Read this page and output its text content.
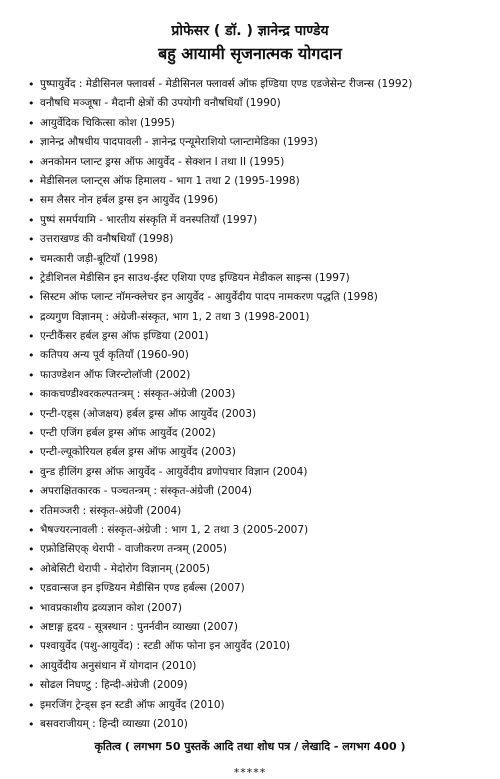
प्रोफेसर ( डॉ. ) ज्ञानेन्द्र पाण्डेय
बहु आयामी सृजनात्मक योगदान
• पुष्पायुर्वेद : मेडीसिनल फ्लावर्स - मेडीसिनल फ्लावर्स ऑफ इण्डिया एण्ड एडजेसेन्ट रीजन्स (1992)
• वनौषधि मञ्जूषा - मैदानी क्षेत्रों की उपयोगी वनौषधियाँ (1990)
• आयुर्वेदिक चिकित्सा कोश (1995)
• ज्ञानेन्द्र औषधीय पादपावली - ज्ञानेन्द्र एन्यूमेराशियो प्लान्टामेडिका (1993)
• अनकोमन प्लान्ट ड्रग्स ऑफ आयुर्वेद - सेक्शन I तथा II (1995)
• मेडीसिनल प्लान्ट्स ऑफ हिमालय - भाग 1 तथा 2 (1995-1998)
• सम लैसर नोन हर्बल ड्रग्स इन आयुर्वेद (1996)
• पुष्पं समर्पयामि - भारतीय संस्कृति में वनस्पतियाँ (1997)
• उत्तराखण्ड की वनौषधियाँ (1998)
• चमत्कारी जड़ी-बूटियाँ (1998)
• ट्रेडीशिनल मेडीसिन इन साउथ-ईस्ट एशिया एण्ड इण्डियन मेडीकल साइन्स (1997)
• सिस्टम ऑफ प्लान्ट नॉमन्क्लेचर इन आयुर्वेद - आयुर्वेदीय पादप नामकरण पद्धति (1998)
• द्रव्यगुण विज्ञानम् : अंग्रेजी-संस्कृत, भाग 1, 2 तथा 3 (1998-2001)
• एन्टीकैंसर हर्बल ड्रग्स ऑफ इण्डिया (2001)
• कतिपय अन्य पूर्व कृतियाँ (1960-90)
• फाउण्डेशन ऑफ जिरन्टोलॉजी (2002)
• काकचण्डीश्वरकल्पतन्त्रम् : संस्कृत-अंग्रेजी (2003)
• एन्टी-एड्स (ओजक्षय) हर्बल ड्रग्स ऑफ आयुर्वेद (2003)
• एन्टी एजिंग हर्बल ड्रग्स ऑफ आयुर्वेद (2002)
• एन्टी-ल्यूकोरियल हर्बल ड्रग्स ऑफ आयुर्वेद (2003)
• वुन्ड हीलिंग ड्रग्स ऑफ आयुर्वेद - आयुर्वेदीय व्रणोपचार विज्ञान (2004)
• अपराक्षितकारक - पञ्चतन्त्रम् : संस्कृत-अंग्रेजी (2004)
• रतिमञ्जरी : संस्कृत-अंग्रेजी (2004)
• भैषज्यरत्नावली : संस्कृत-अंग्रेजी : भाग 1, 2 तथा 3 (2005-2007)
• एफ्रोडिसिएक् थेरापी - वाजीकरण तन्त्रम् (2005)
• ओबेसिटी थेरापी - मेदोरोग विज्ञानम् (2005)
• एडवान्सज इन इण्डियन मेडीसिन एण्ड हर्बल्स (2007)
• भावप्रकाशीय द्रव्यज्ञान कोश (2007)
• अष्टाङ्ग हृदय - सूत्रस्थान : पुनर्नवीन व्याख्या (2007)
• पश्वायुर्वेद (पशु-आयुर्वेद) : स्टडी ऑफ फोना इन आयुर्वेद (2010)
• आयुर्वेदीय अनुसंधान में योगदान (2010)
• सोढल निघण्टु : हिन्दी-अंग्रेजी (2009)
• इमरजिंग ट्रेन्ड्स इन स्टडी ऑफ आयुर्वेद (2010)
• बसवराजीयम् : हिन्दी व्याख्या (2010)
कृतित्व ( लगभग 50 पुस्तकें आदि तथा शोध पत्र / लेखादि - लगभग 400 )
*****
